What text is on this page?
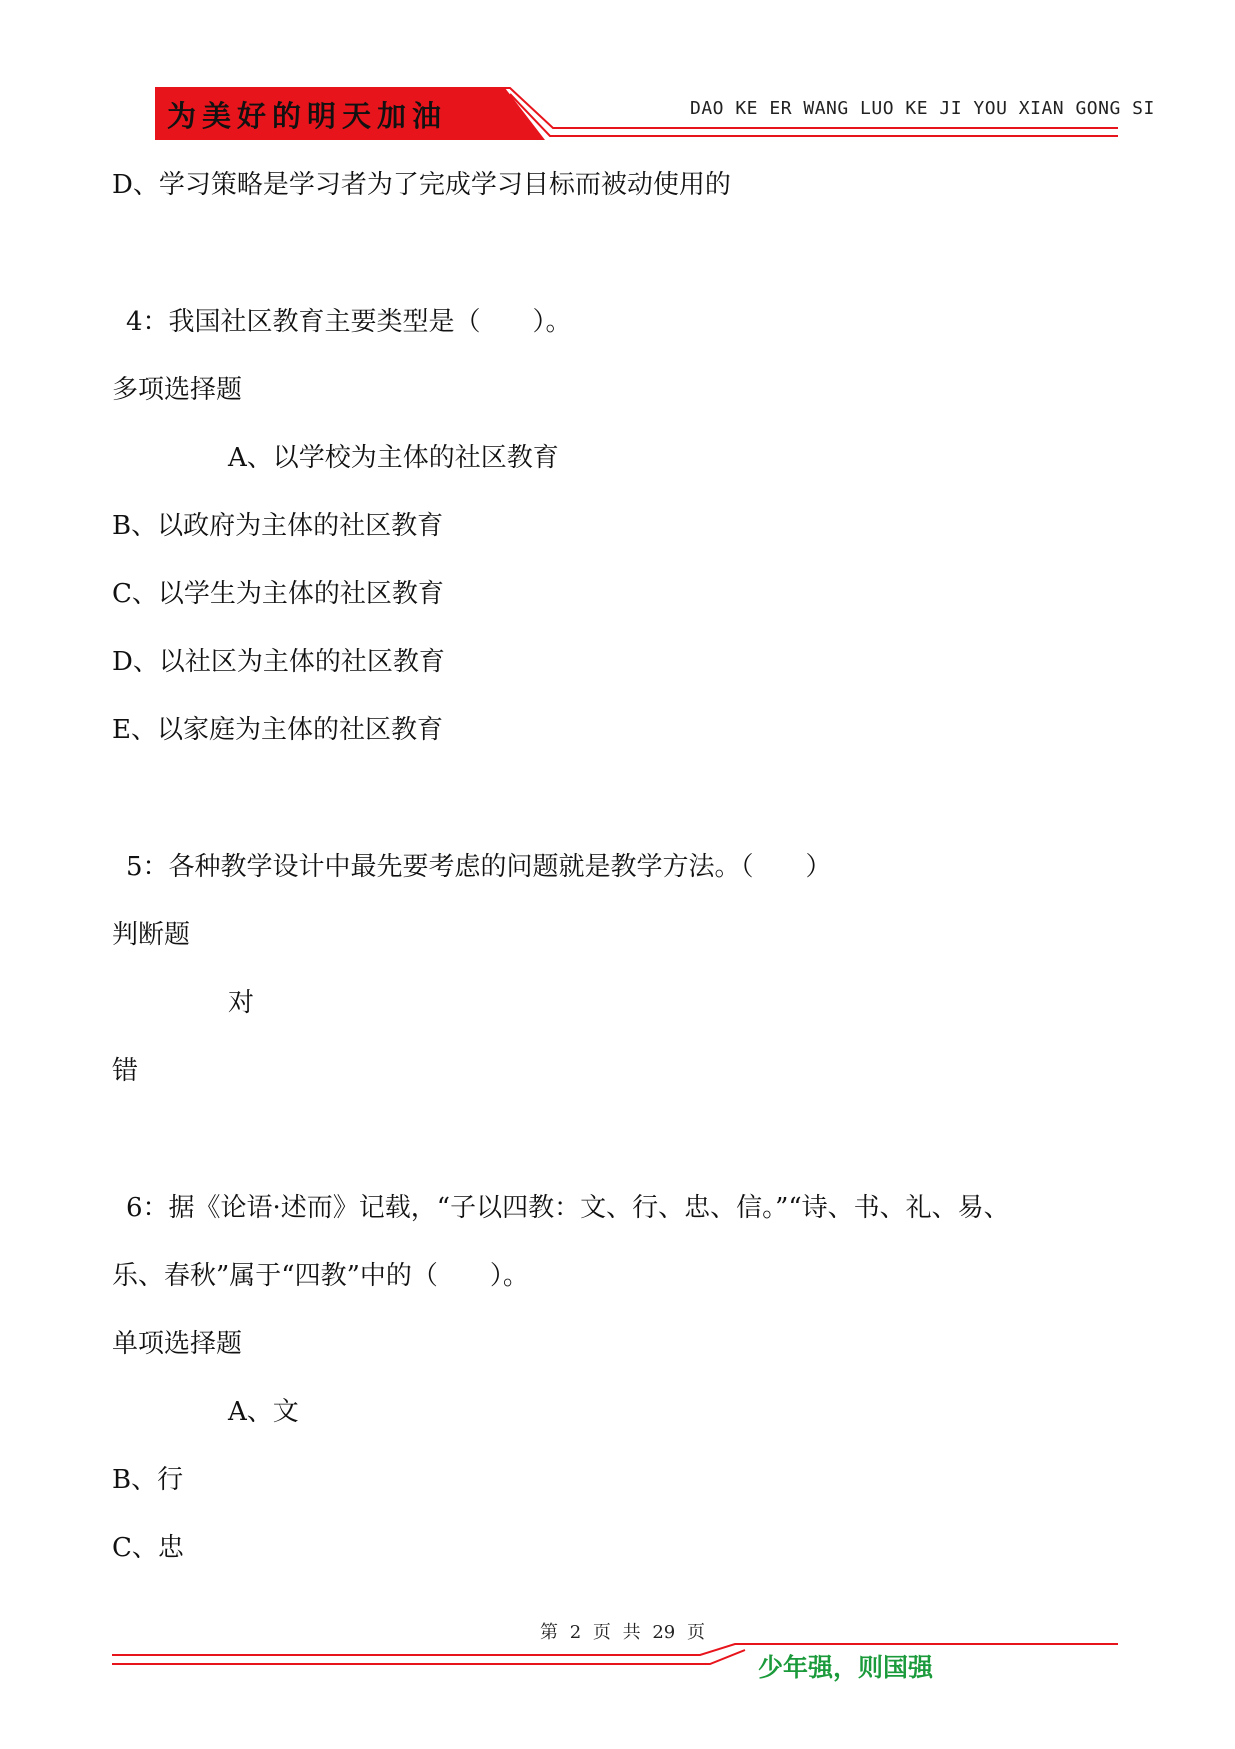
为美好的明天加油	DAO KE ER WANG LUO KE JI YOU XIAN GONG SI
D、学习策略是学习者为了完成学习目标而被动使用的
4：我国社区教育主要类型是（　　）。
多项选择题
A、以学校为主体的社区教育
B、以政府为主体的社区教育
C、以学生为主体的社区教育
D、以社区为主体的社区教育
E、以家庭为主体的社区教育
5：各种教学设计中最先要考虑的问题就是教学方法。（　　）
判断题
对
错
6：据《论语·述而》记载，“子以四教：文、行、忠、信。”“诗、书、礼、易、
乐、春秋”属于“四教”中的（　　）。
单项选择题
A、文
B、行
C、忠
第 2 页 共 29 页
少年强，则国强
